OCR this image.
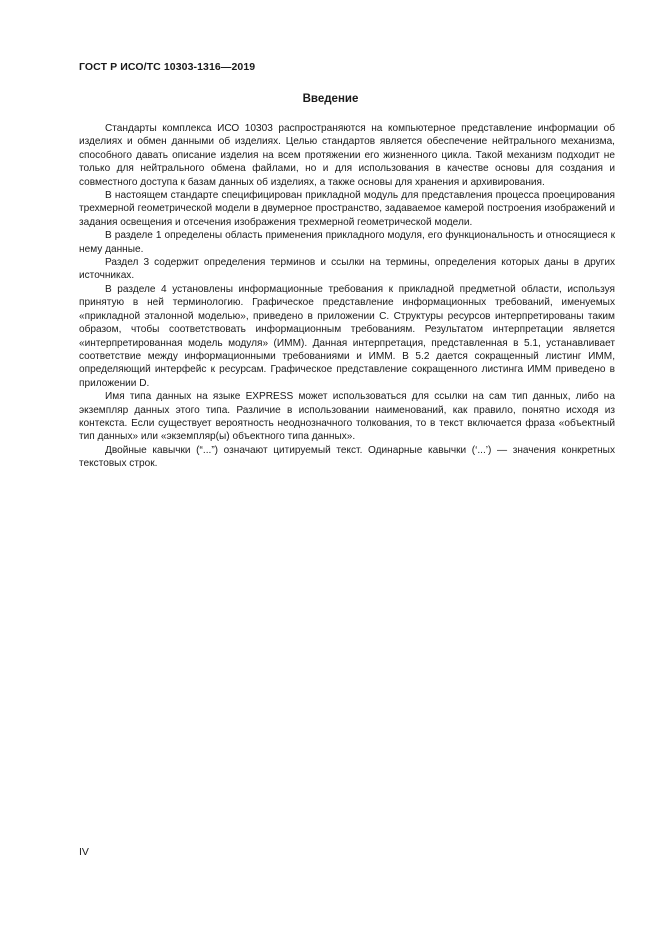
ГОСТ Р ИСО/ТС 10303-1316—2019
Введение

Стандарты комплекса ИСО 10303 распространяются на компьютерное представление информации об изделиях и обмен данными об изделиях. Целью стандартов является обеспечение нейтрального механизма, способного давать описание изделия на всем протяжении его жизненного цикла. Такой механизм подходит не только для нейтрального обмена файлами, но и для использования в качестве основы для создания и совместного доступа к базам данных об изделиях, а также основы для хранения и архивирования.

В настоящем стандарте специфицирован прикладной модуль для представления процесса проецирования трехмерной геометрической модели в двумерное пространство, задаваемое камерой построения изображений и задания освещения и отсечения изображения трехмерной геометрической модели.

В разделе 1 определены область применения прикладного модуля, его функциональность и относящиеся к нему данные.

Раздел 3 содержит определения терминов и ссылки на термины, определения которых даны в других источниках.

В разделе 4 установлены информационные требования к прикладной предметной области, используя принятую в ней терминологию. Графическое представление информационных требований, именуемых «прикладной эталонной моделью», приведено в приложении С. Структуры ресурсов интерпретированы таким образом, чтобы соответствовать информационным требованиям. Результатом интерпретации является «интерпретированная модель модуля» (ИММ). Данная интерпретация, представленная в 5.1, устанавливает соответствие между информационными требованиями и ИММ. В 5.2 дается сокращенный листинг ИММ, определяющий интерфейс к ресурсам. Графическое представление сокращенного листинга ИММ приведено в приложении D.

Имя типа данных на языке EXPRESS может использоваться для ссылки на сам тип данных, либо на экземпляр данных этого типа. Различие в использовании наименований, как правило, понятно исходя из контекста. Если существует вероятность неоднозначного толкования, то в текст включается фраза «объектный тип данных» или «экземпляр(ы) объектного типа данных».

Двойные кавычки (“...”) означают цитируемый текст. Одинарные кавычки (‘...’) — значения конкретных текстовых строк.

IV
